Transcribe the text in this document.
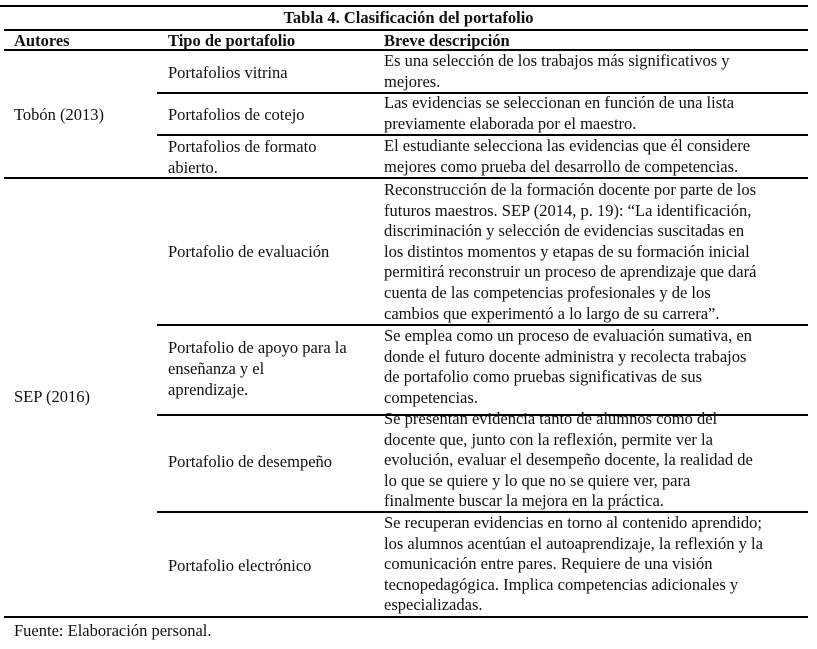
Tabla 4. Clasificación del portafolio
Autores	Tipo de portafolio	Breve descripción
Tobón (2013)
Portafolios vitrina
Es una selección de los trabajos más significativos y
mejores.
Portafolios de cotejo
Las evidencias se seleccionan en función de una lista
previamente elaborada por el maestro.
Portafolios de formato
abierto.
El estudiante selecciona las evidencias que él considere
mejores como prueba del desarrollo de competencias.
SEP (2016)
Portafolio de evaluación
Reconstrucción de la formación docente por parte de los
futuros maestros. SEP (2014, p. 19): “La identificación,
discriminación y selección de evidencias suscitadas en
los distintos momentos y etapas de su formación inicial
permitirá reconstruir un proceso de aprendizaje que dará
cuenta de las competencias profesionales y de los
cambios que experimentó a lo largo de su carrera”.
Portafolio de apoyo para la
enseñanza y el
aprendizaje.
Se emplea como un proceso de evaluación sumativa, en
donde el futuro docente administra y recolecta trabajos
de portafolio como pruebas significativas de sus
competencias.
Portafolio de desempeño
Se presentan evidencia tanto de alumnos como del
docente que, junto con la reflexión, permite ver la
evolución, evaluar el desempeño docente, la realidad de
lo que se quiere y lo que no se quiere ver, para
finalmente buscar la mejora en la práctica.
Portafolio electrónico
Se recuperan evidencias en torno al contenido aprendido;
los alumnos acentúan el autoaprendizaje, la reflexión y la
comunicación entre pares. Requiere de una visión
tecnopedagógica. Implica competencias adicionales y
especializadas.
Fuente: Elaboración personal.
